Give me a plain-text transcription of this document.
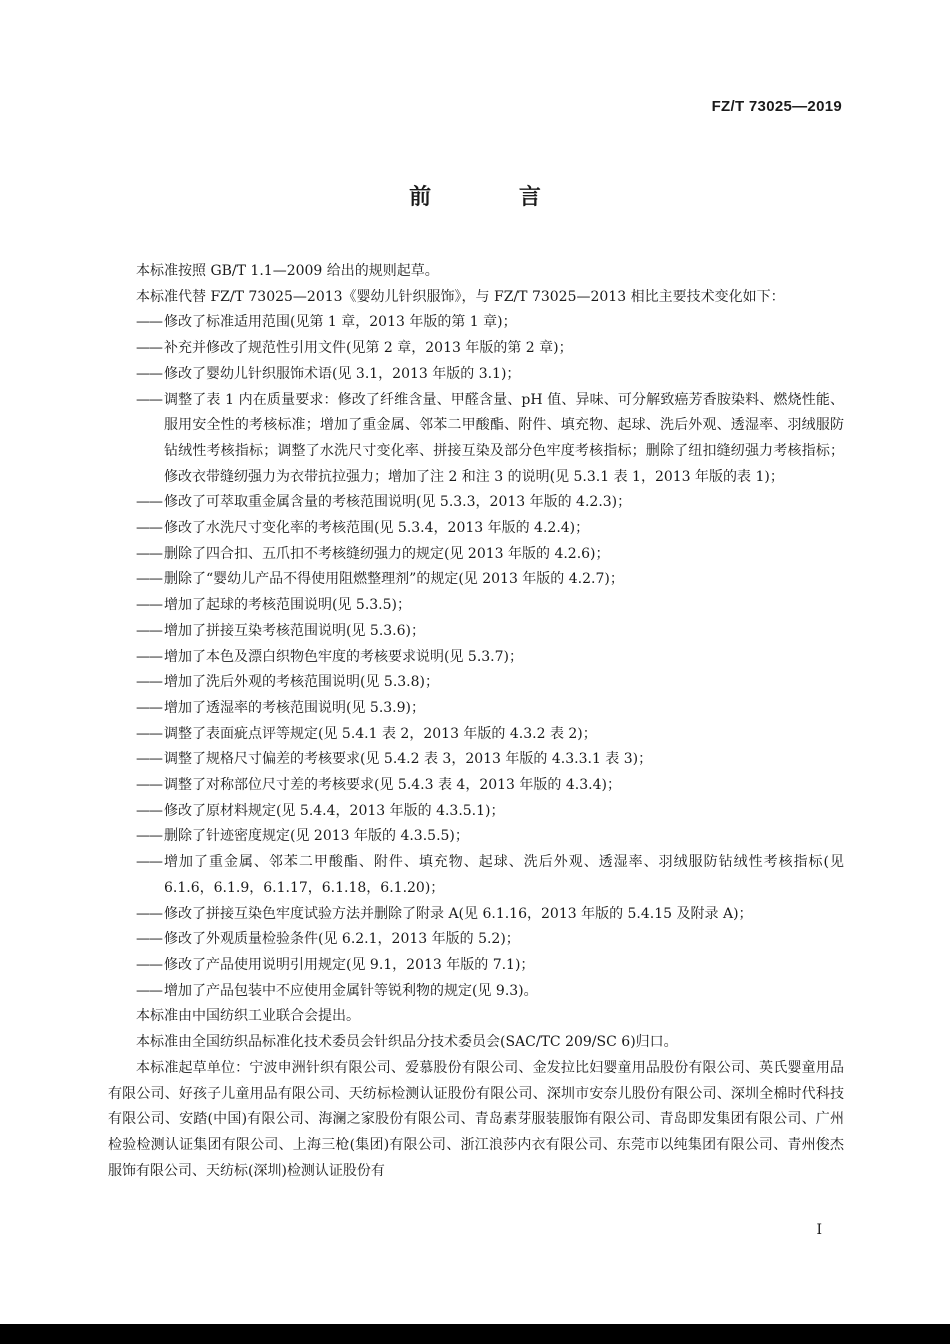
FZ/T 73025—2019
前 言

本标准按照 GB/T 1.1—2009 给出的规则起草。

本标准代替 FZ/T 73025—2013《婴幼儿针织服饰》，与 FZ/T 73025—2013 相比主要技术变化如下：

—— 修改了标准适用范围(见第 1 章，2013 年版的第 1 章)；
—— 补充并修改了规范性引用文件(见第 2 章，2013 年版的第 2 章)；
—— 修改了婴幼儿针织服饰术语(见 3.1，2013 年版的 3.1)；
—— 调整了表 1 内在质量要求：修改了纤维含量、甲醛含量、pH 值、异味、可分解致癌芳香胺染料、燃烧性能、服用安全性的考核标准；增加了重金属、邻苯二甲酸酯、附件、填充物、起球、洗后外观、透湿率、羽绒服防钻绒性考核指标；调整了水洗尺寸变化率、拼接互染及部分色牢度考核指标；删除了纽扣缝纫强力考核指标；修改衣带缝纫强力为衣带抗拉强力；增加了注 2 和注 3 的说明(见 5.3.1 表 1，2013 年版的表 1)；
—— 修改了可萃取重金属含量的考核范围说明(见 5.3.3，2013 年版的 4.2.3)；
—— 修改了水洗尺寸变化率的考核范围(见 5.3.4，2013 年版的 4.2.4)；
—— 删除了四合扣、五爪扣不考核缝纫强力的规定(见 2013 年版的 4.2.6)；
—— 删除了“婴幼儿产品不得使用阻燃整理剂”的规定(见 2013 年版的 4.2.7)；
—— 增加了起球的考核范围说明(见 5.3.5)；
—— 增加了拼接互染考核范围说明(见 5.3.6)；
—— 增加了本色及漂白织物色牢度的考核要求说明(见 5.3.7)；
—— 增加了洗后外观的考核范围说明(见 5.3.8)；
—— 增加了透湿率的考核范围说明(见 5.3.9)；
—— 调整了表面疵点评等规定(见 5.4.1 表 2，2013 年版的 4.3.2 表 2)；
—— 调整了规格尺寸偏差的考核要求(见 5.4.2 表 3，2013 年版的 4.3.3.1 表 3)；
—— 调整了对称部位尺寸差的考核要求(见 5.4.3 表 4，2013 年版的 4.3.4)；
—— 修改了原材料规定(见 5.4.4，2013 年版的 4.3.5.1)；
—— 删除了针迹密度规定(见 2013 年版的 4.3.5.5)；
—— 增加了重金属、邻苯二甲酸酯、附件、填充物、起球、洗后外观、透湿率、羽绒服防钻绒性考核指标(见 6.1.6，6.1.9，6.1.17，6.1.18，6.1.20)；
—— 修改了拼接互染色牢度试验方法并删除了附录 A(见 6.1.16，2013 年版的 5.4.15 及附录 A)；
—— 修改了外观质量检验条件(见 6.2.1，2013 年版的 5.2)；
—— 修改了产品使用说明引用规定(见 9.1，2013 年版的 7.1)；
—— 增加了产品包装中不应使用金属针等锐利物的规定(见 9.3)。

本标准由中国纺织工业联合会提出。

本标准由全国纺织品标准化技术委员会针织品分技术委员会(SAC/TC 209/SC 6)归口。

本标准起草单位：宁波申洲针织有限公司、爱慕股份有限公司、金发拉比妇婴童用品股份有限公司、英氏婴童用品有限公司、好孩子儿童用品有限公司、天纺标检测认证股份有限公司、深圳市安奈儿股份有限公司、深圳全棉时代科技有限公司、安踏(中国)有限公司、海澜之家股份有限公司、青岛素芽服装服饰有限公司、青岛即发集团有限公司、广州检验检测认证集团有限公司、上海三枪(集团)有限公司、浙江浪莎内衣有限公司、东莞市以纯集团有限公司、青州俊杰服饰有限公司、天纺标(深圳)检测认证股份有

I
